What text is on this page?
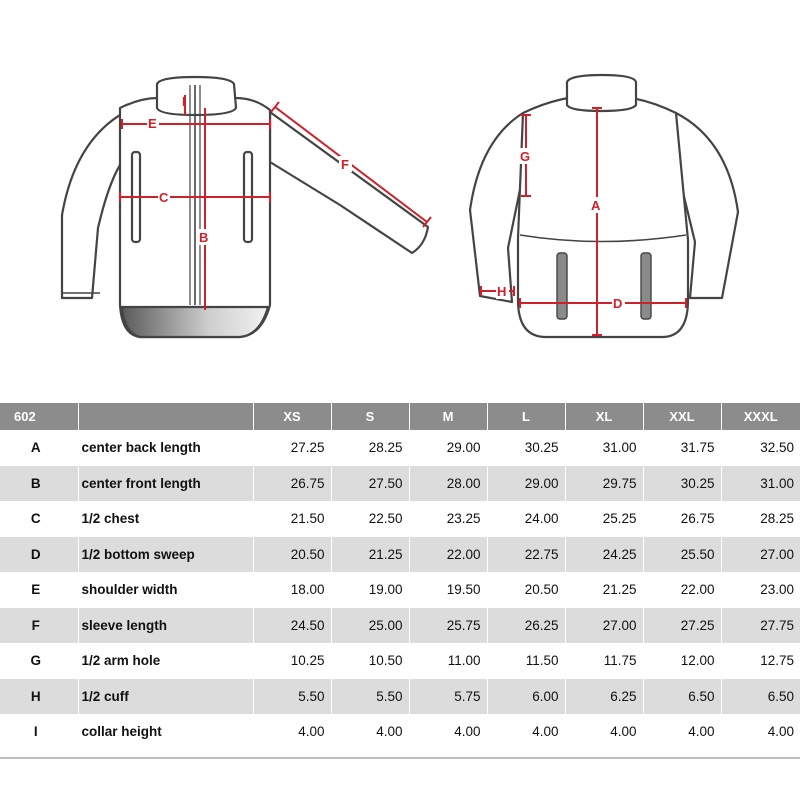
I
E
C
B
F
A
G
D
H
602		XS	S	M	L	XL	XXL	XXXL
A	center back length	27.25	28.25	29.00	30.25	31.00	31.75	32.50
B	center front length	26.75	27.50	28.00	29.00	29.75	30.25	31.00
C	1/2 chest	21.50	22.50	23.25	24.00	25.25	26.75	28.25
D	1/2 bottom sweep	20.50	21.25	22.00	22.75	24.25	25.50	27.00
E	shoulder width	18.00	19.00	19.50	20.50	21.25	22.00	23.00
F	sleeve length	24.50	25.00	25.75	26.25	27.00	27.25	27.75
G	1/2 arm hole	10.25	10.50	11.00	11.50	11.75	12.00	12.75
H	1/2 cuff	5.50	5.50	5.75	6.00	6.25	6.50	6.50
I	collar height	4.00	4.00	4.00	4.00	4.00	4.00	4.00
